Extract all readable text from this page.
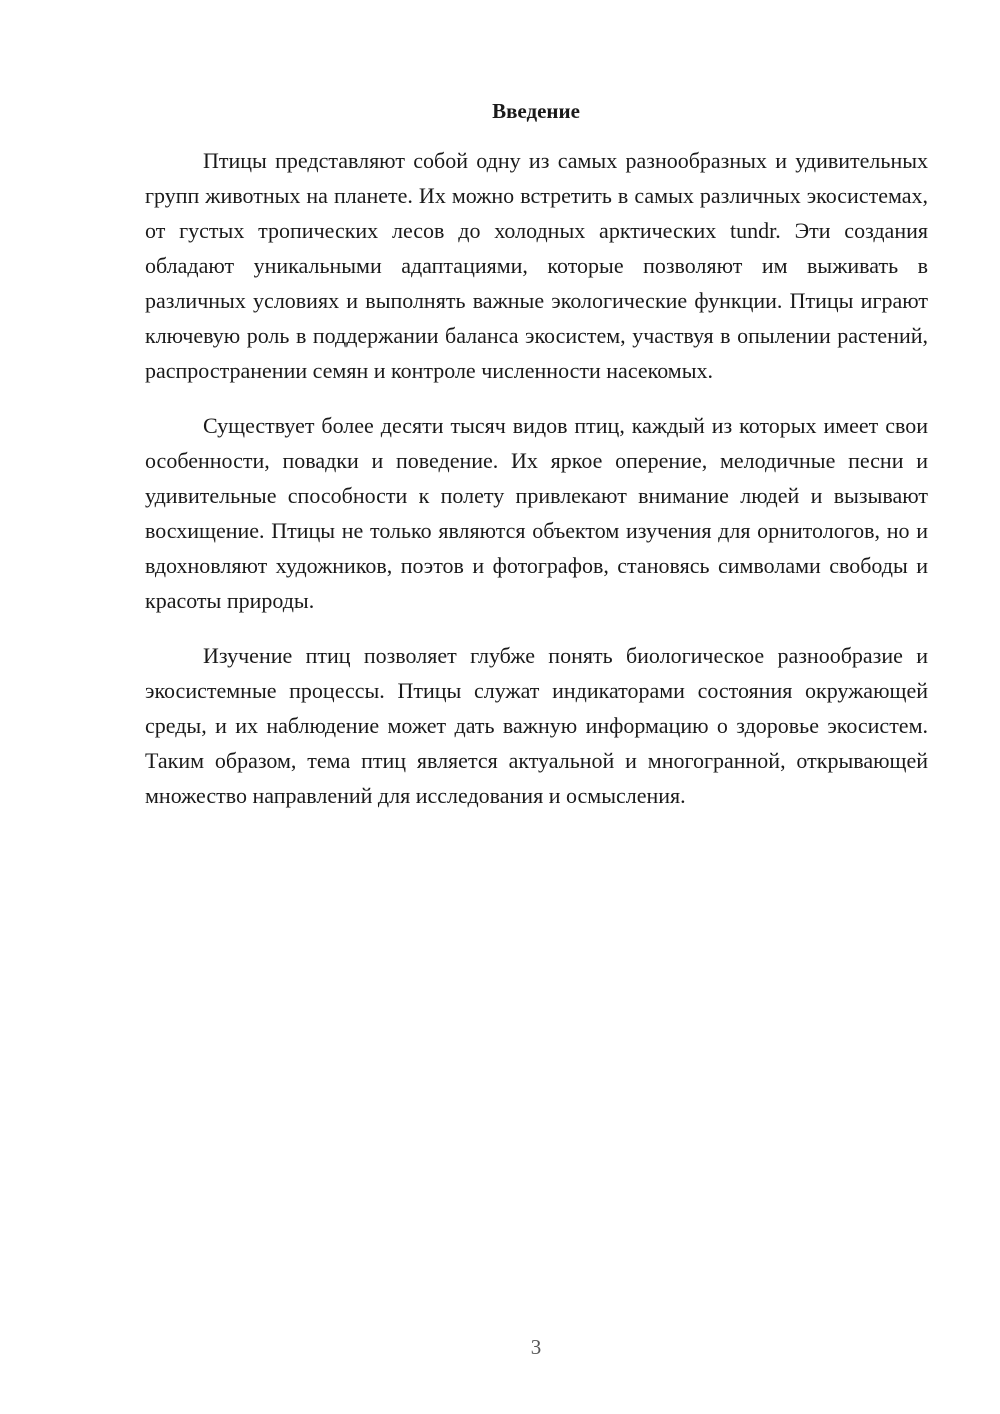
Введение

Птицы представляют собой одну из самых разнообразных и удивительных групп животных на планете. Их можно встретить в самых различных экосистемах, от густых тропических лесов до холодных арктических tundr. Эти создания обладают уникальными адаптациями, которые позволяют им выживать в различных условиях и выполнять важные экологические функции. Птицы играют ключевую роль в поддержании баланса экосистем, участвуя в опылении растений, распространении семян и контроле численности насекомых.

Существует более десяти тысяч видов птиц, каждый из которых имеет свои особенности, повадки и поведение. Их яркое оперение, мелодичные песни и удивительные способности к полету привлекают внимание людей и вызывают восхищение. Птицы не только являются объектом изучения для орнитологов, но и вдохновляют художников, поэтов и фотографов, становясь символами свободы и красоты природы.

Изучение птиц позволяет глубже понять биологическое разнообразие и экосистемные процессы. Птицы служат индикаторами состояния окружающей среды, и их наблюдение может дать важную информацию о здоровье экосистем. Таким образом, тема птиц является актуальной и многогранной, открывающей множество направлений для исследования и осмысления.

3
